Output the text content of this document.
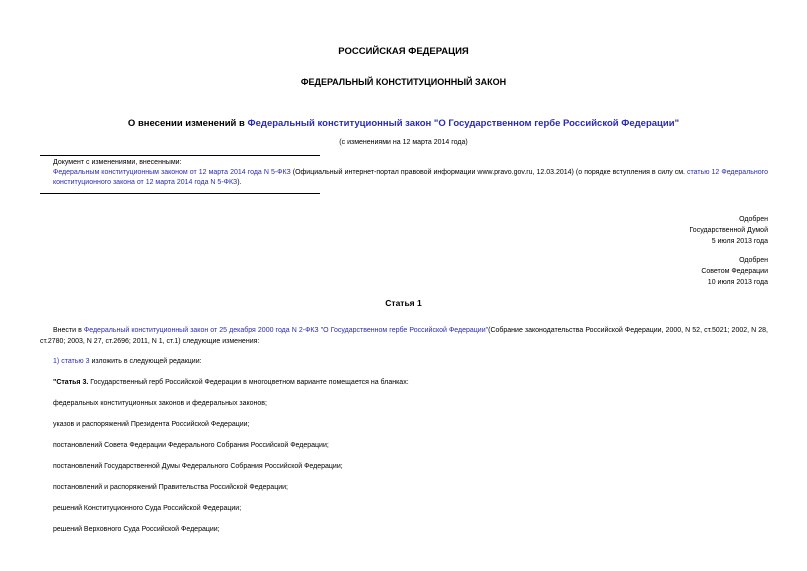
РОССИЙСКАЯ ФЕДЕРАЦИЯ
ФЕДЕРАЛЬНЫЙ КОНСТИТУЦИОННЫЙ ЗАКОН
О внесении изменений в Федеральный конституционный закон "О Государственном гербе Российской Федерации"
(с изменениями на 12 марта 2014 года)

Документ с изменениями, внесенными:

Федеральным конституционным законом от 12 марта 2014 года N 5-ФКЗ (Официальный интернет-портал правовой информации www.pravo.gov.ru, 12.03.2014) (о порядке вступления в силу см. статью 12 Федерального конституционного закона от 12 марта 2014 года N 5-ФКЗ).

Одобрен
Государственной Думой
5 июля 2013 года
Одобрен
Советом Федерации
10 июля 2013 года
Статья 1
Внести в Федеральный конституционный закон от 25 декабря 2000 года N 2-ФКЗ "О Государственном гербе Российской Федерации"(Собрание законодательства Российской Федерации, 2000, N 52, ст.5021; 2002, N 28, ст.2780; 2003, N 27, ст.2696; 2011, N 1, ст.1) следующие изменения:
1) статью 3 изложить в следующей редакции:
"Статья 3. Государственный герб Российской Федерации в многоцветном варианте помещается на бланках:
федеральных конституционных законов и федеральных законов;
указов и распоряжений Президента Российской Федерации;
постановлений Совета Федерации Федерального Собрания Российской Федерации;
постановлений Государственной Думы Федерального Собрания Российской Федерации;
постановлений и распоряжений Правительства Российской Федерации;
решений Конституционного Суда Российской Федерации;
решений Верховного Суда Российской Федерации;
